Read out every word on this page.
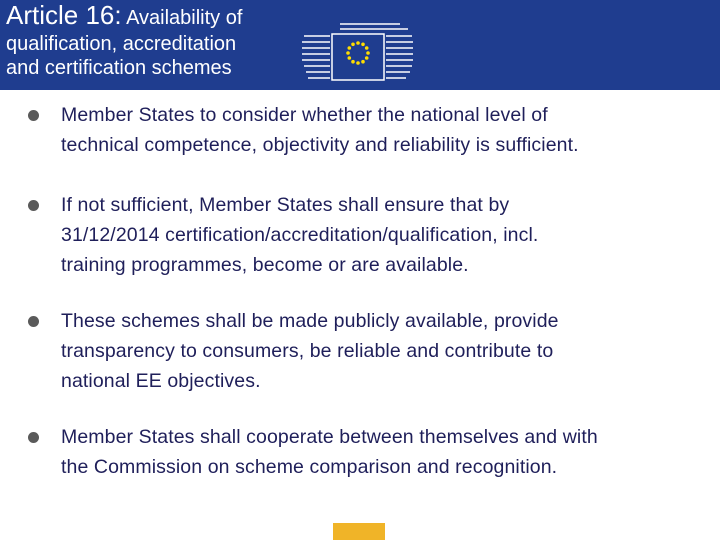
Article 16: Availability of
qualification, accreditation
and certification schemes
Member States to consider whether the national level of
technical competence, objectivity and reliability is sufficient.
If not sufficient, Member States shall ensure that by
31/12/2014 certification/accreditation/qualification, incl.
training programmes, become or are available.
These schemes shall be made publicly available, provide
transparency to consumers, be reliable and contribute to
national EE objectives.
Member States shall cooperate between themselves and with
the Commission on scheme comparison and recognition.
